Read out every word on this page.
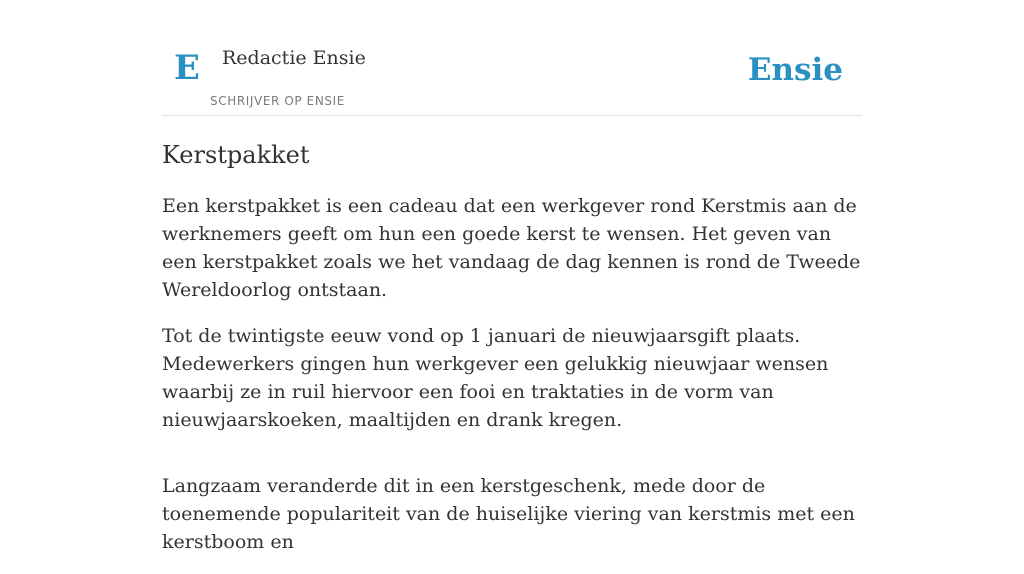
E Redactie Ensie
SCHRIJVER OP ENSIE
Ensie
Kerstpakket

Een kerstpakket is een cadeau dat een werkgever rond Kerstmis aan de werknemers geeft om hun een goede kerst te wensen. Het geven van een kerstpakket zoals we het vandaag de dag kennen is rond de Tweede Wereldoorlog ontstaan.

Tot de twintigste eeuw vond op 1 januari de nieuwjaarsgift plaats. Medewerkers gingen hun werkgever een gelukkig nieuwjaar wensen waarbij ze in ruil hiervoor een fooi en traktaties in de vorm van nieuwjaarskoeken, maaltijden en drank kregen.

Langzaam veranderde dit in een kerstgeschenk, mede door de toenemende populariteit van de huiselijke viering van kerstmis met een kerstboom en
